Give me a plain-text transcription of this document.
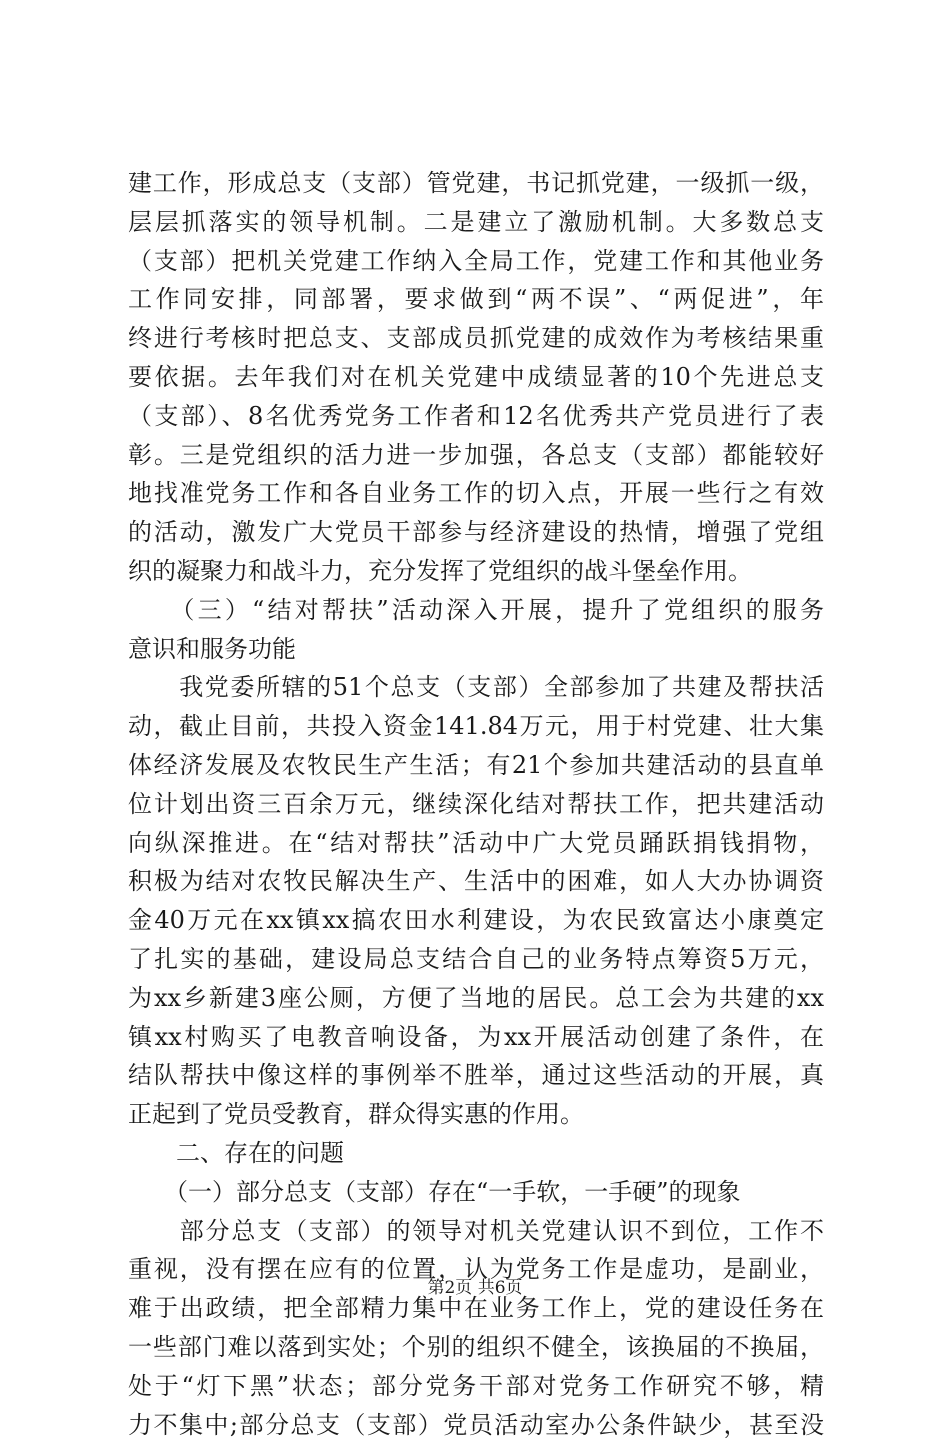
建工作，形成总支（支部）管党建，书记抓党建，一级抓一级，
层层抓落实的领导机制。二是建立了激励机制。大多数总支
（支部）把机关党建工作纳入全局工作，党建工作和其他业务
工作同安排，同部署，要求做到“两不误”、“两促进”，年
终进行考核时把总支、支部成员抓党建的成效作为考核结果重
要依据。去年我们对在机关党建中成绩显著的10个先进总支
（支部）、8名优秀党务工作者和12名优秀共产党员进行了表
彰。三是党组织的活力进一步加强，各总支（支部）都能较好
地找准党务工作和各自业务工作的切入点，开展一些行之有效
的活动，激发广大党员干部参与经济建设的热情，增强了党组
织的凝聚力和战斗力，充分发挥了党组织的战斗堡垒作用。
　　（三）“结对帮扶”活动深入开展，提升了党组织的服务
意识和服务功能
　　我党委所辖的51个总支（支部）全部参加了共建及帮扶活
动，截止目前，共投入资金141.84万元，用于村党建、壮大集
体经济发展及农牧民生产生活；有21个参加共建活动的县直单
位计划出资三百余万元，继续深化结对帮扶工作，把共建活动
向纵深推进。在“结对帮扶”活动中广大党员踊跃捐钱捐物，
积极为结对农牧民解决生产、生活中的困难，如人大办协调资
金40万元在xx镇xx搞农田水利建设，为农民致富达小康奠定
了扎实的基础，建设局总支结合自己的业务特点筹资5万元，
为xx乡新建3座公厕，方便了当地的居民。总工会为共建的xx
镇xx村购买了电教音响设备，为xx开展活动创建了条件，在
结队帮扶中像这样的事例举不胜举，通过这些活动的开展，真
正起到了党员受教育，群众得实惠的作用。
　　二、存在的问题
　　（一）部分总支（支部）存在“一手软，一手硬”的现象
　　部分总支（支部）的领导对机关党建认识不到位，工作不
重视，没有摆在应有的位置，认为党务工作是虚功，是副业，
难于出政绩，把全部精力集中在业务工作上，党的建设任务在
一些部门难以落到实处；个别的组织不健全，该换届的不换届，
处于“灯下黑”状态；部分党务干部对党务工作研究不够，精
力不集中;部分总支（支部）党员活动室办公条件缺少，甚至没
第2页 共6页
